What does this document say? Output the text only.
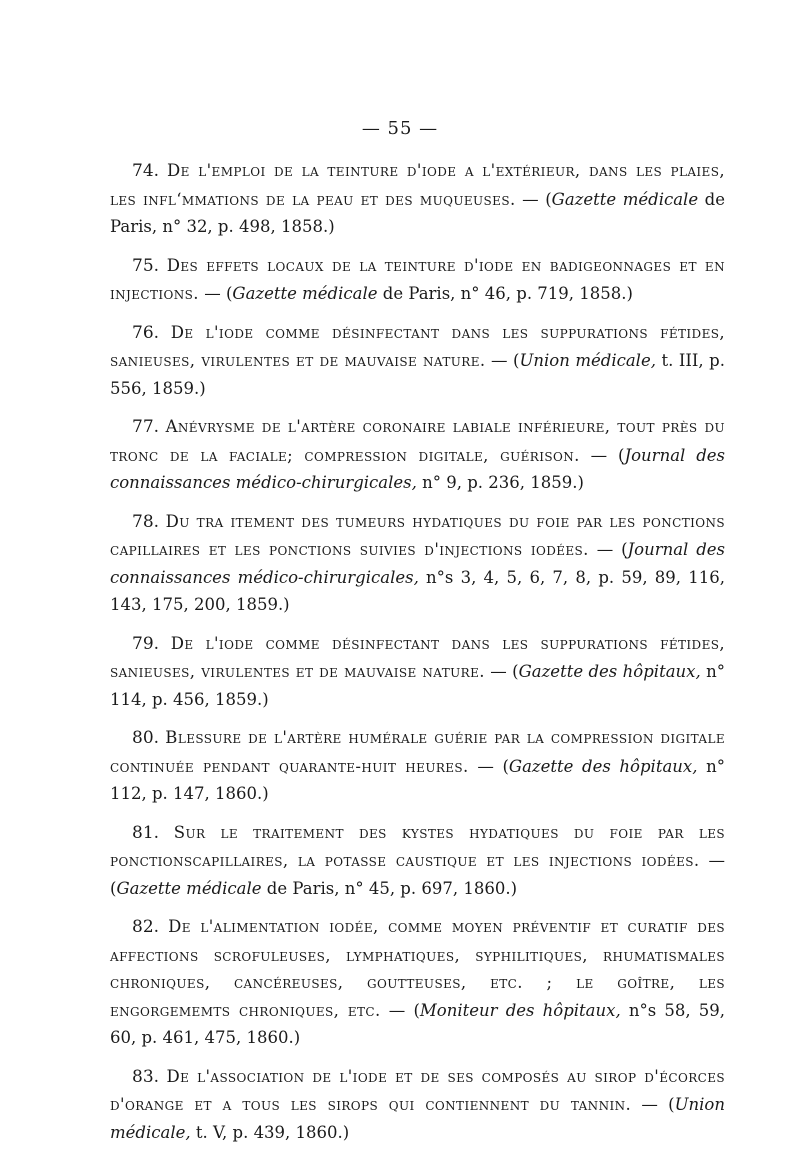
— 55 —

74. De l'emploi de la teinture d'iode a l'extérieur, dans les plaies, les infl‘mmations de la peau et des muqueuses. — (Gazette médicale de Paris, n° 32, p. 498, 1858.)

75. Des effets locaux de la teinture d'iode en badigeonnages et en injections. — (Gazette médicale de Paris, n° 46, p. 719, 1858.)

76. De l'iode comme désinfectant dans les suppurations fétides, sanieuses, virulentes et de mauvaise nature. — (Union médicale, t. III, p. 556, 1859.)

77. Anévrysme de l'artère coronaire labiale inférieure, tout près du tronc de la faciale; compression digitale, guérison. — (Journal des connaissances médico-chirurgicales, n° 9, p. 236, 1859.)

78. Du tra itement des tumeurs hydatiques du foie par les ponctions capillaires et les ponctions suivies d'injections iodées. — (Journal des connaissances médico-chirurgicales, n°s 3, 4, 5, 6, 7, 8, p. 59, 89, 116, 143, 175, 200, 1859.)

79. De l'iode comme désinfectant dans les suppurations fétides, sanieuses, virulentes et de mauvaise nature. — (Gazette des hôpitaux, n° 114, p. 456, 1859.)

80. Blessure de l'artère humérale guérie par la compression digitale continuée pendant quarante-huit heures. — (Gazette des hôpitaux, n° 112, p. 147, 1860.)

81. Sur le traitement des kystes hydatiques du foie par les ponctionscapillaires, la potasse caustique et les injections iodées. — (Gazette médicale de Paris, n° 45, p. 697, 1860.)

82. De l'alimentation iodée, comme moyen préventif et curatif des affections scrofuleuses, lymphatiques, syphilitiques, rhumatismales chroniques, cancéreuses, goutteuses, etc. ; le goître, les engorgememts chroniques, etc. — (Moniteur des hôpitaux, n°s 58, 59, 60, p. 461, 475, 1860.)

83. De l'association de l'iode et de ses composés au sirop d'écorces d'orange et a tous les sirops qui contiennent du tannin. — (Union médicale, t. V, p. 439, 1860.)
